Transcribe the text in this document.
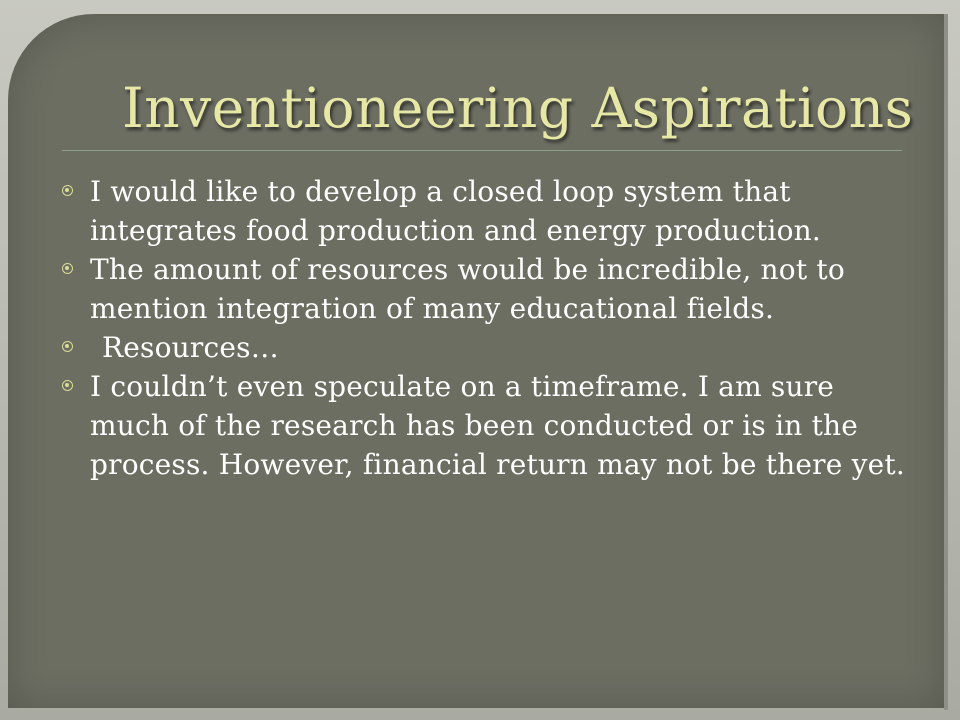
Inventioneering Aspirations
I would like to develop a closed loop system that integrates food production and energy production.
The amount of resources would be incredible, not to mention integration of many educational fields.
Resources…
I couldn’t even speculate on a timeframe. I am sure much of the research has been conducted or is in the process. However, financial return may not be there yet.
